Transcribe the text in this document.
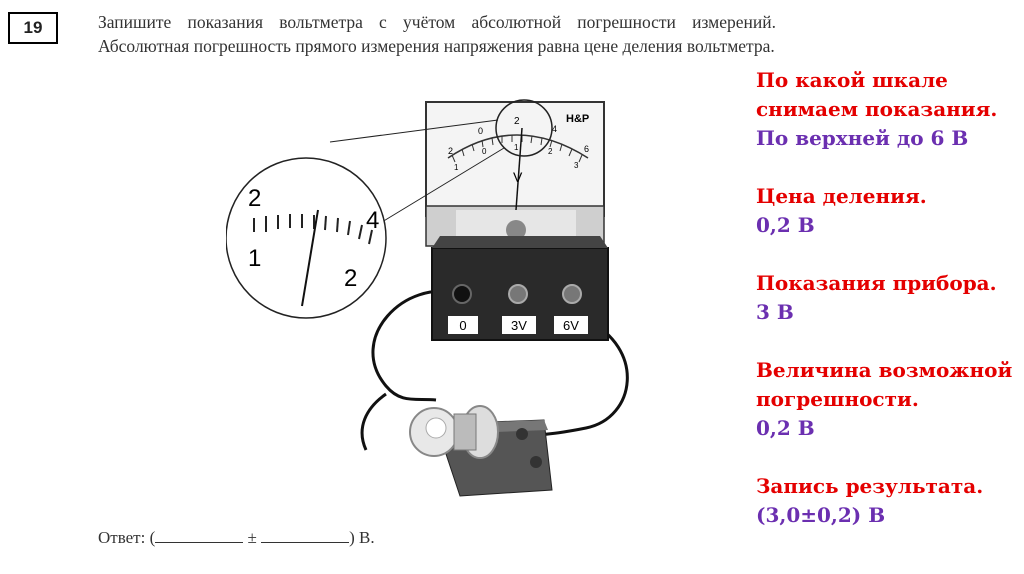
19	Запишите показания вольтметра с учётом абсолютной погрешности измерений. Абсолютная погрешность прямого измерения напряжения равна цене деления вольтметра.
0	3V	6V
2
0
2
4
6
1
0	1	2
3
V
H&P
2
1
4
2
Ответ: (	±	) В.
По какой шкале снимаем показания.
По верхней до 6 В
Цена деления.
0,2 В
Показания прибора.
3 В
Величина возможной погрешности.
0,2 В
Запись результата.
(3,0±0,2) В
